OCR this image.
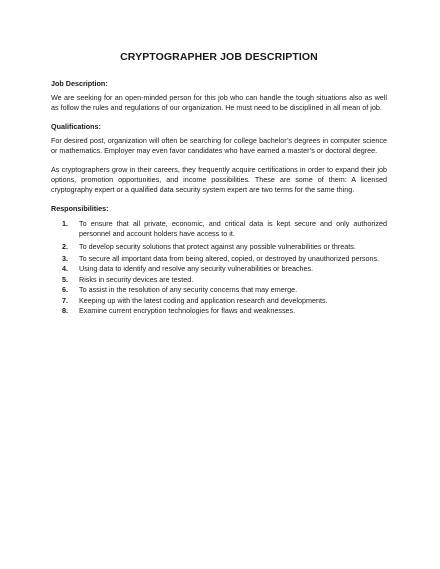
CRYPTOGRAPHER JOB DESCRIPTION
Job Description:

We are seeking for an open-minded person for this job who can handle the tough situations also as well as follow the rules and regulations of our organization. He must need to be disciplined in all mean of job.

Qualifications:

For desired post, organization will often be searching for college bachelor’s degrees in computer science or mathematics. Employer may even favor candidates who have earned a master’s or doctoral degree.

As cryptographers grow in their careers, they frequently acquire certifications in order to expand their job options, promotion opportunities, and income possibilities. These are some of them: A licensed cryptography expert or a qualified data security system expert are two terms for the same thing.

Responsibilities:
1.	To ensure that all private, economic, and critical data is kept secure and only authorized personnel and account holders have access to it.
2.	To develop security solutions that protect against any possible vulnerabilities or threats.
3.	To secure all important data from being altered, copied, or destroyed by unauthorized persons.
4.	Using data to identify and resolve any security vulnerabilities or breaches.
5.	Risks in security devices are tested.
6.	To assist in the resolution of any security concerns that may emerge.
7.	Keeping up with the latest coding and application research and developments.
8.	Examine current encryption technologies for flaws and weaknesses.
